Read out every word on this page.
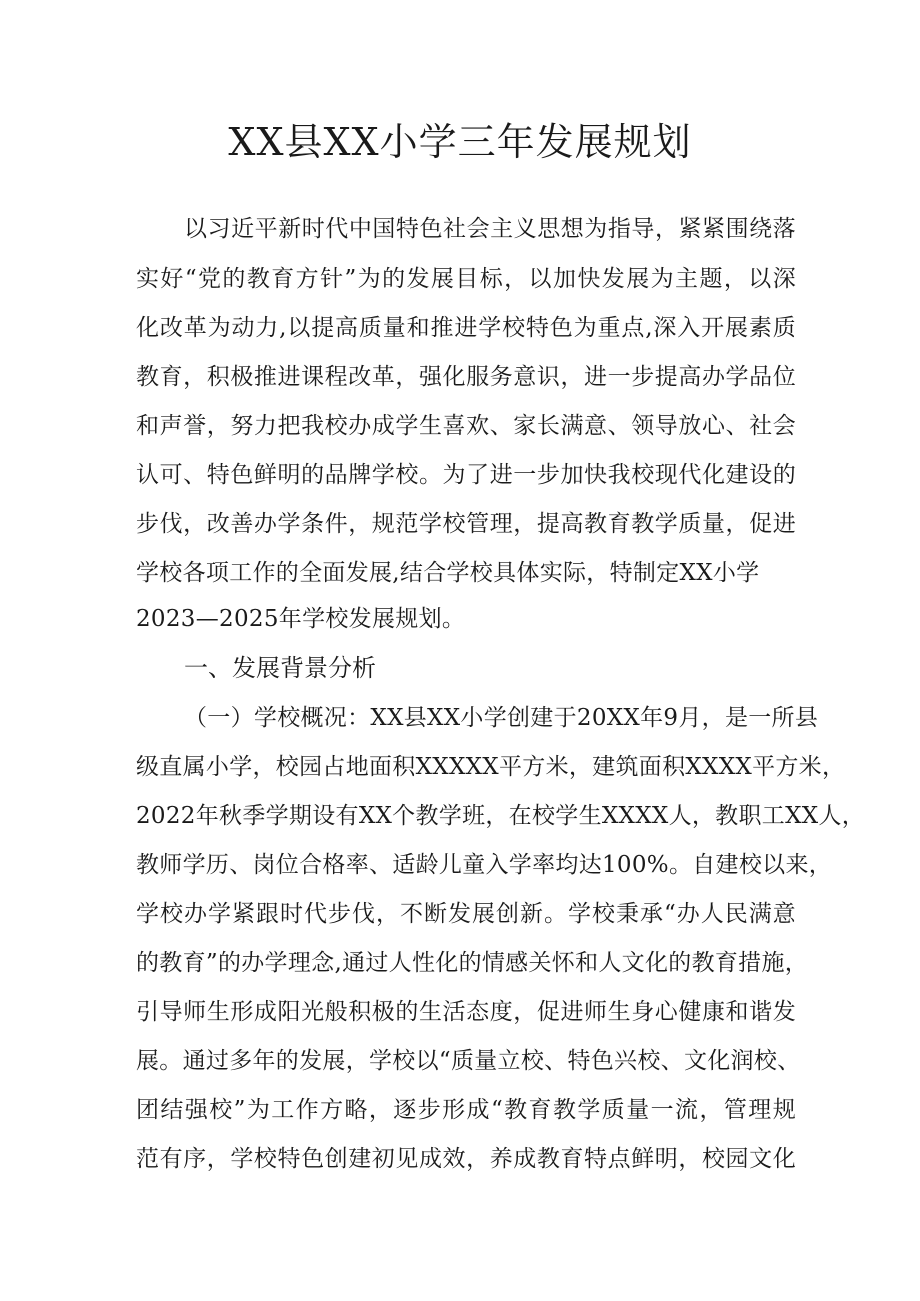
XX县XX小学三年发展规划
以习近平新时代中国特色社会主义思想为指导，紧紧围绕落
实好“党的教育方针”为的发展目标，以加快发展为主题，以深
化改革为动力,以提高质量和推进学校特色为重点,深入开展素质
教育，积极推进课程改革，强化服务意识，进一步提高办学品位
和声誉，努力把我校办成学生喜欢、家长满意、领导放心、社会
认可、特色鲜明的品牌学校。为了进一步加快我校现代化建设的
步伐，改善办学条件，规范学校管理，提高教育教学质量，促进
学校各项工作的全面发展,结合学校具体实际，特制定XX小学
2023—2025年学校发展规划。
一、发展背景分析
（一）学校概况：XX县XX小学创建于20XX年9月，是一所县
级直属小学，校园占地面积XXXXX平方米，建筑面积XXXX平方米，
2022年秋季学期设有XX个教学班，在校学生XXXX人，教职工XX人，
教师学历、岗位合格率、适龄儿童入学率均达100%。自建校以来，
学校办学紧跟时代步伐，不断发展创新。学校秉承“办人民满意
的教育”的办学理念,通过人性化的情感关怀和人文化的教育措施，
引导师生形成阳光般积极的生活态度，促进师生身心健康和谐发
展。通过多年的发展，学校以“质量立校、特色兴校、文化润校、
团结强校”为工作方略，逐步形成“教育教学质量一流，管理规
范有序，学校特色创建初见成效，养成教育特点鲜明，校园文化
